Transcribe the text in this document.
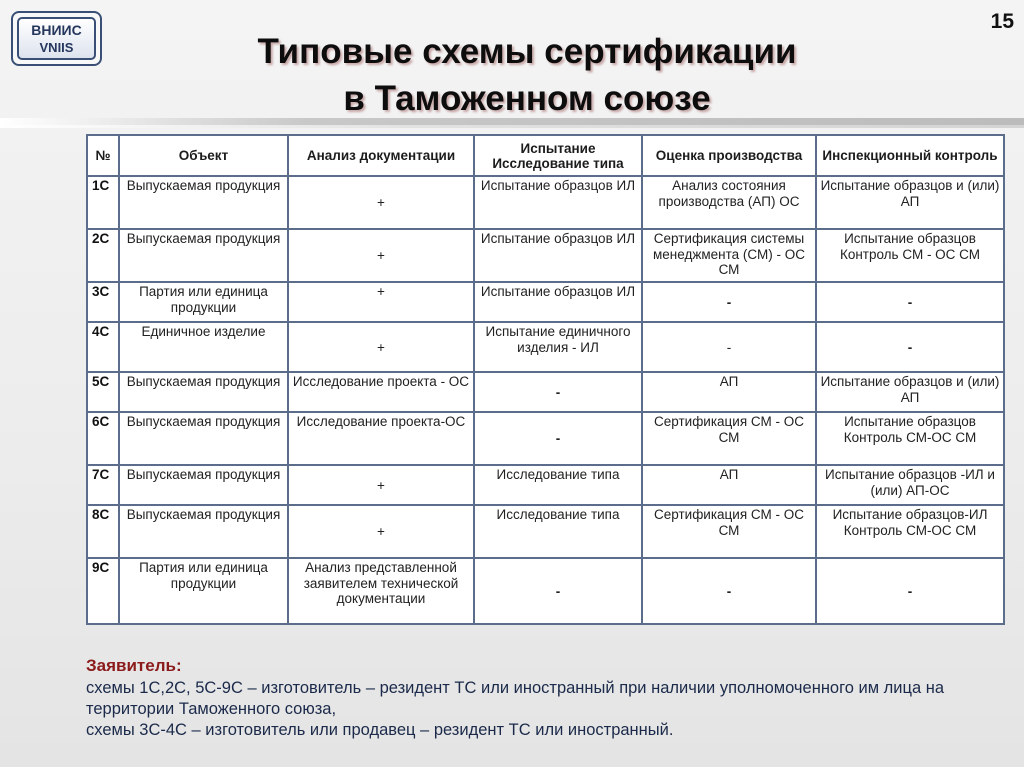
ВНИИС
VNIIS
15
Типовые схемы сертификации
в Таможенном союзе
№	Объект	Анализ документации	Испытание Исследование типа	Оценка производства	Инспекционный контроль
1С	Выпускаемая продукция	+	Испытание образцов ИЛ	Анализ состояния производства (АП) ОС	Испытание образцов и (или) АП
2С	Выпускаемая продукция	+	Испытание образцов ИЛ	Сертификация системы менеджмента (СМ) - ОС СМ	Испытание образцов Контроль СМ - ОС СМ
3С	Партия или единица продукции	+	Испытание образцов ИЛ	-	-
4С	Единичное изделие	+	Испытание единичного изделия - ИЛ	-	-
5С	Выпускаемая продукция	Исследование проекта - ОС	-	АП	Испытание образцов и (или) АП
6С	Выпускаемая продукция	Исследование проекта-ОС	-	Сертификация СМ - ОС СМ	Испытание образцов Контроль СМ-ОС СМ
7С	Выпускаемая продукция	+	Исследование типа	АП	Испытание образцов -ИЛ и (или) АП-ОС
8С	Выпускаемая продукция	+	Исследование типа	Сертификация СМ - ОС СМ	Испытание образцов-ИЛ Контроль СМ-ОС СМ
9С	Партия или единица продукции	Анализ представленной заявителем технической документации	-	-	-
Заявитель:
схемы 1С,2С, 5С-9С – изготовитель – резидент ТС или иностранный при наличии уполномоченного им лица на территории Таможенного союза,
схемы 3С-4С – изготовитель или продавец – резидент ТС или иностранный.
